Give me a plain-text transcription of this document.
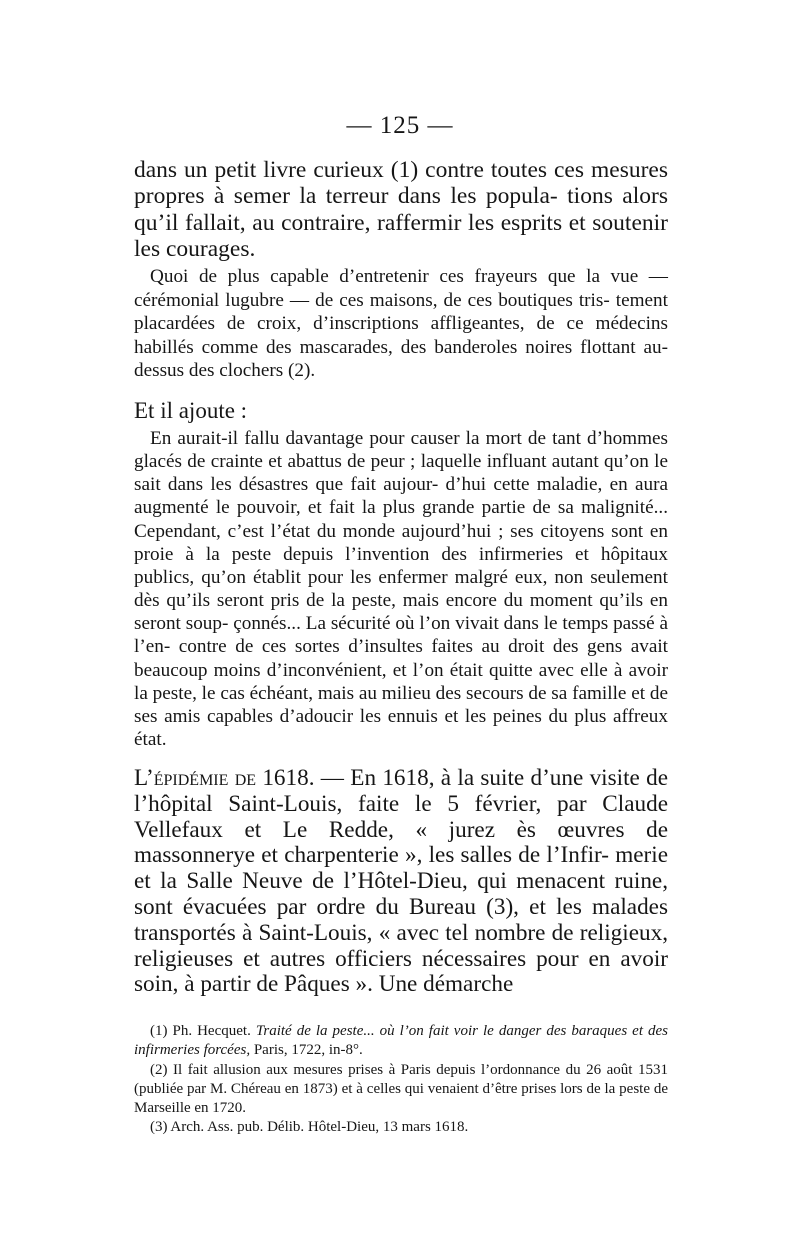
— 125 —

dans un petit livre curieux (1) contre toutes ces mesures propres à semer la terreur dans les popula- tions alors qu’il fallait, au contraire, raffermir les esprits et soutenir les courages.

Quoi de plus capable d’entretenir ces frayeurs que la vue — cérémonial lugubre — de ces maisons, de ces boutiques tris- tement placardées de croix, d’inscriptions affligeantes, de ce médecins habillés comme des mascarades, des banderoles noires flottant au-dessus des clochers (2).

Et il ajoute :

En aurait-il fallu davantage pour causer la mort de tant d’hommes glacés de crainte et abattus de peur ; laquelle influant autant qu’on le sait dans les désastres que fait aujour- d’hui cette maladie, en aura augmenté le pouvoir, et fait la plus grande partie de sa malignité... Cependant, c’est l’état du monde aujourd’hui ; ses citoyens sont en proie à la peste depuis l’invention des infirmeries et hôpitaux publics, qu’on établit pour les enfermer malgré eux, non seulement dès qu’ils seront pris de la peste, mais encore du moment qu’ils en seront soup- çonnés... La sécurité où l’on vivait dans le temps passé à l’en- contre de ces sortes d’insultes faites au droit des gens avait beaucoup moins d’inconvénient, et l’on était quitte avec elle à avoir la peste, le cas échéant, mais au milieu des secours de sa famille et de ses amis capables d’adoucir les ennuis et les peines du plus affreux état.

L’épidémie de 1618. — En 1618, à la suite d’une visite de l’hôpital Saint-Louis, faite le 5 février, par Claude Vellefaux et Le Redde, « jurez ès œuvres de massonnerye et charpenterie », les salles de l’Infir- merie et la Salle Neuve de l’Hôtel-Dieu, qui menacent ruine, sont évacuées par ordre du Bureau (3), et les malades transportés à Saint-Louis, « avec tel nombre de religieux, religieuses et autres officiers nécessaires pour en avoir soin, à partir de Pâques ». Une démarche

(1) Ph. Hecquet. Traité de la peste... où l’on fait voir le danger des baraques et des infirmeries forcées, Paris, 1722, in-8°.

(2) Il fait allusion aux mesures prises à Paris depuis l’ordonnance du 26 août 1531 (publiée par M. Chéreau en 1873) et à celles qui venaient d’être prises lors de la peste de Marseille en 1720.

(3) Arch. Ass. pub. Délib. Hôtel-Dieu, 13 mars 1618.
